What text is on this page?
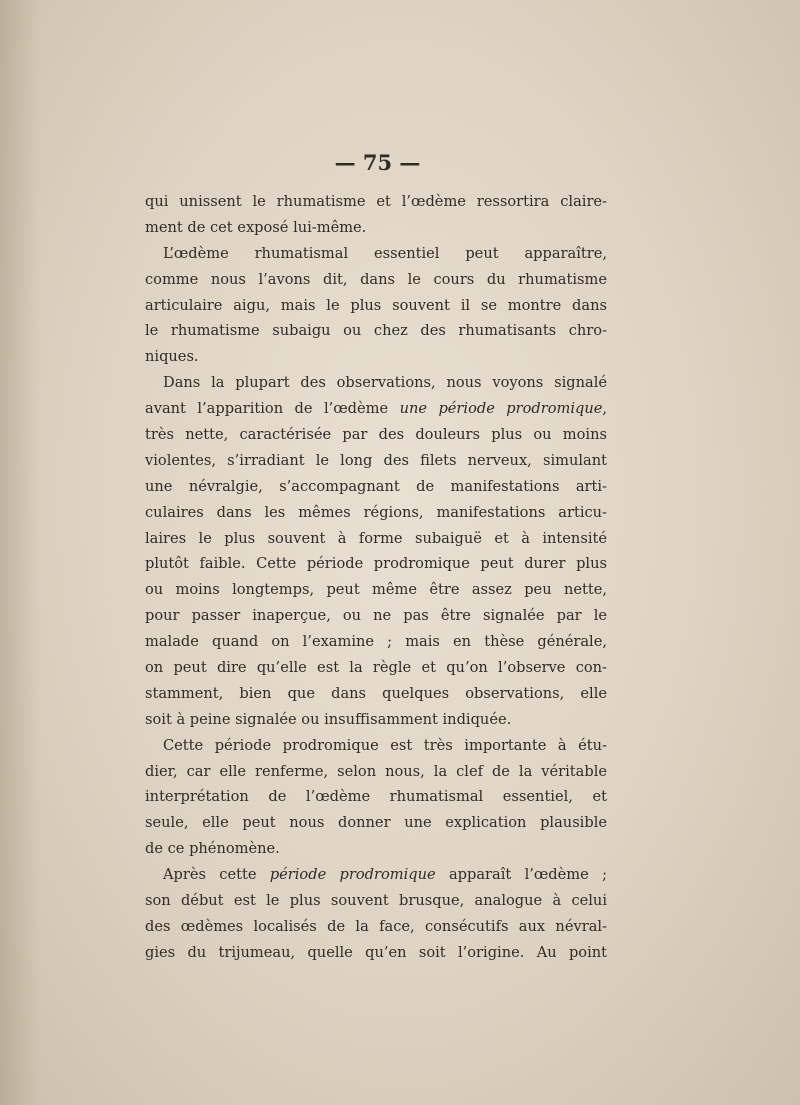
— 75 —
qui unissent le rhumatisme et l’œdème ressortira claire-
ment de cet exposé lui-même.
L’œdème rhumatismal essentiel peut apparaître,
comme nous l’avons dit, dans le cours du rhumatisme
articulaire aigu, mais le plus souvent il se montre dans
le rhumatisme subaigu ou chez des rhumatisants chro-
niques.
Dans la plupart des observations, nous voyons signalé
avant l’apparition de l’œdème une période prodromique,
très nette, caractérisée par des douleurs plus ou moins
violentes, s’irradiant le long des filets nerveux, simulant
une névralgie, s’accompagnant de manifestations arti-
culaires dans les mêmes régions, manifestations articu-
laires le plus souvent à forme subaiguë et à intensité
plutôt faible. Cette période prodromique peut durer plus
ou moins longtemps, peut même être assez peu nette,
pour passer inaperçue, ou ne pas être signalée par le
malade quand on l’examine ; mais en thèse générale,
on peut dire qu’elle est la règle et qu’on l’observe con-
stamment, bien que dans quelques observations, elle
soit à peine signalée ou insuffisamment indiquée.
Cette période prodromique est très importante à étu-
dier, car elle renferme, selon nous, la clef de la véritable
interprétation de l’œdème rhumatismal essentiel, et
seule, elle peut nous donner une explication plausible
de ce phénomène.
Après cette période prodromique apparaît l’œdème ;
son début est le plus souvent brusque, analogue à celui
des œdèmes localisés de la face, consécutifs aux névral-
gies du trijumeau, quelle qu’en soit l’origine. Au point
